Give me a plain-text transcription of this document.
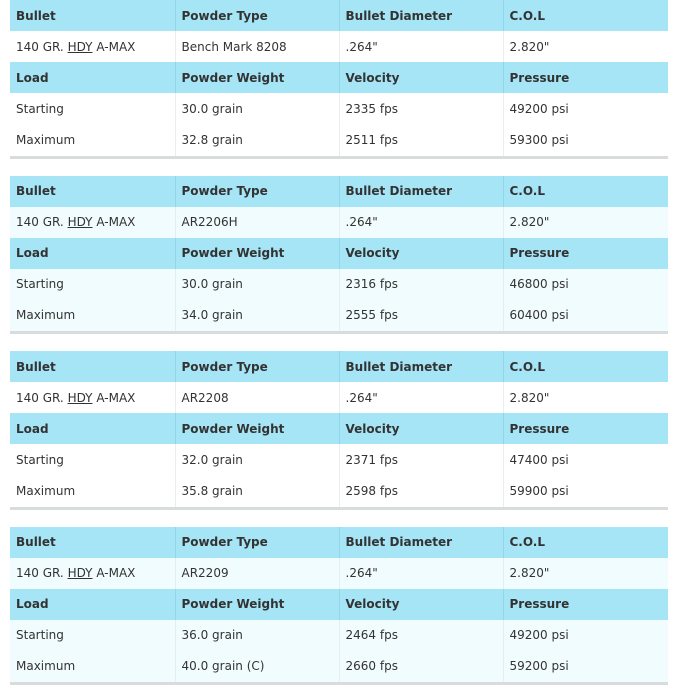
Bullet	Powder Type	Bullet Diameter	C.O.L
140 GR. HDY A-MAX	Bench Mark 8208	.264"	2.820"
Load	Powder Weight	Velocity	Pressure
Starting	30.0 grain	2335 fps	49200 psi
Maximum	32.8 grain	2511 fps	59300 psi
Bullet	Powder Type	Bullet Diameter	C.O.L
140 GR. HDY A-MAX	AR2206H	.264"	2.820"
Load	Powder Weight	Velocity	Pressure
Starting	30.0 grain	2316 fps	46800 psi
Maximum	34.0 grain	2555 fps	60400 psi
Bullet	Powder Type	Bullet Diameter	C.O.L
140 GR. HDY A-MAX	AR2208	.264"	2.820"
Load	Powder Weight	Velocity	Pressure
Starting	32.0 grain	2371 fps	47400 psi
Maximum	35.8 grain	2598 fps	59900 psi
Bullet	Powder Type	Bullet Diameter	C.O.L
140 GR. HDY A-MAX	AR2209	.264"	2.820"
Load	Powder Weight	Velocity	Pressure
Starting	36.0 grain	2464 fps	49200 psi
Maximum	40.0 grain (C)	2660 fps	59200 psi
